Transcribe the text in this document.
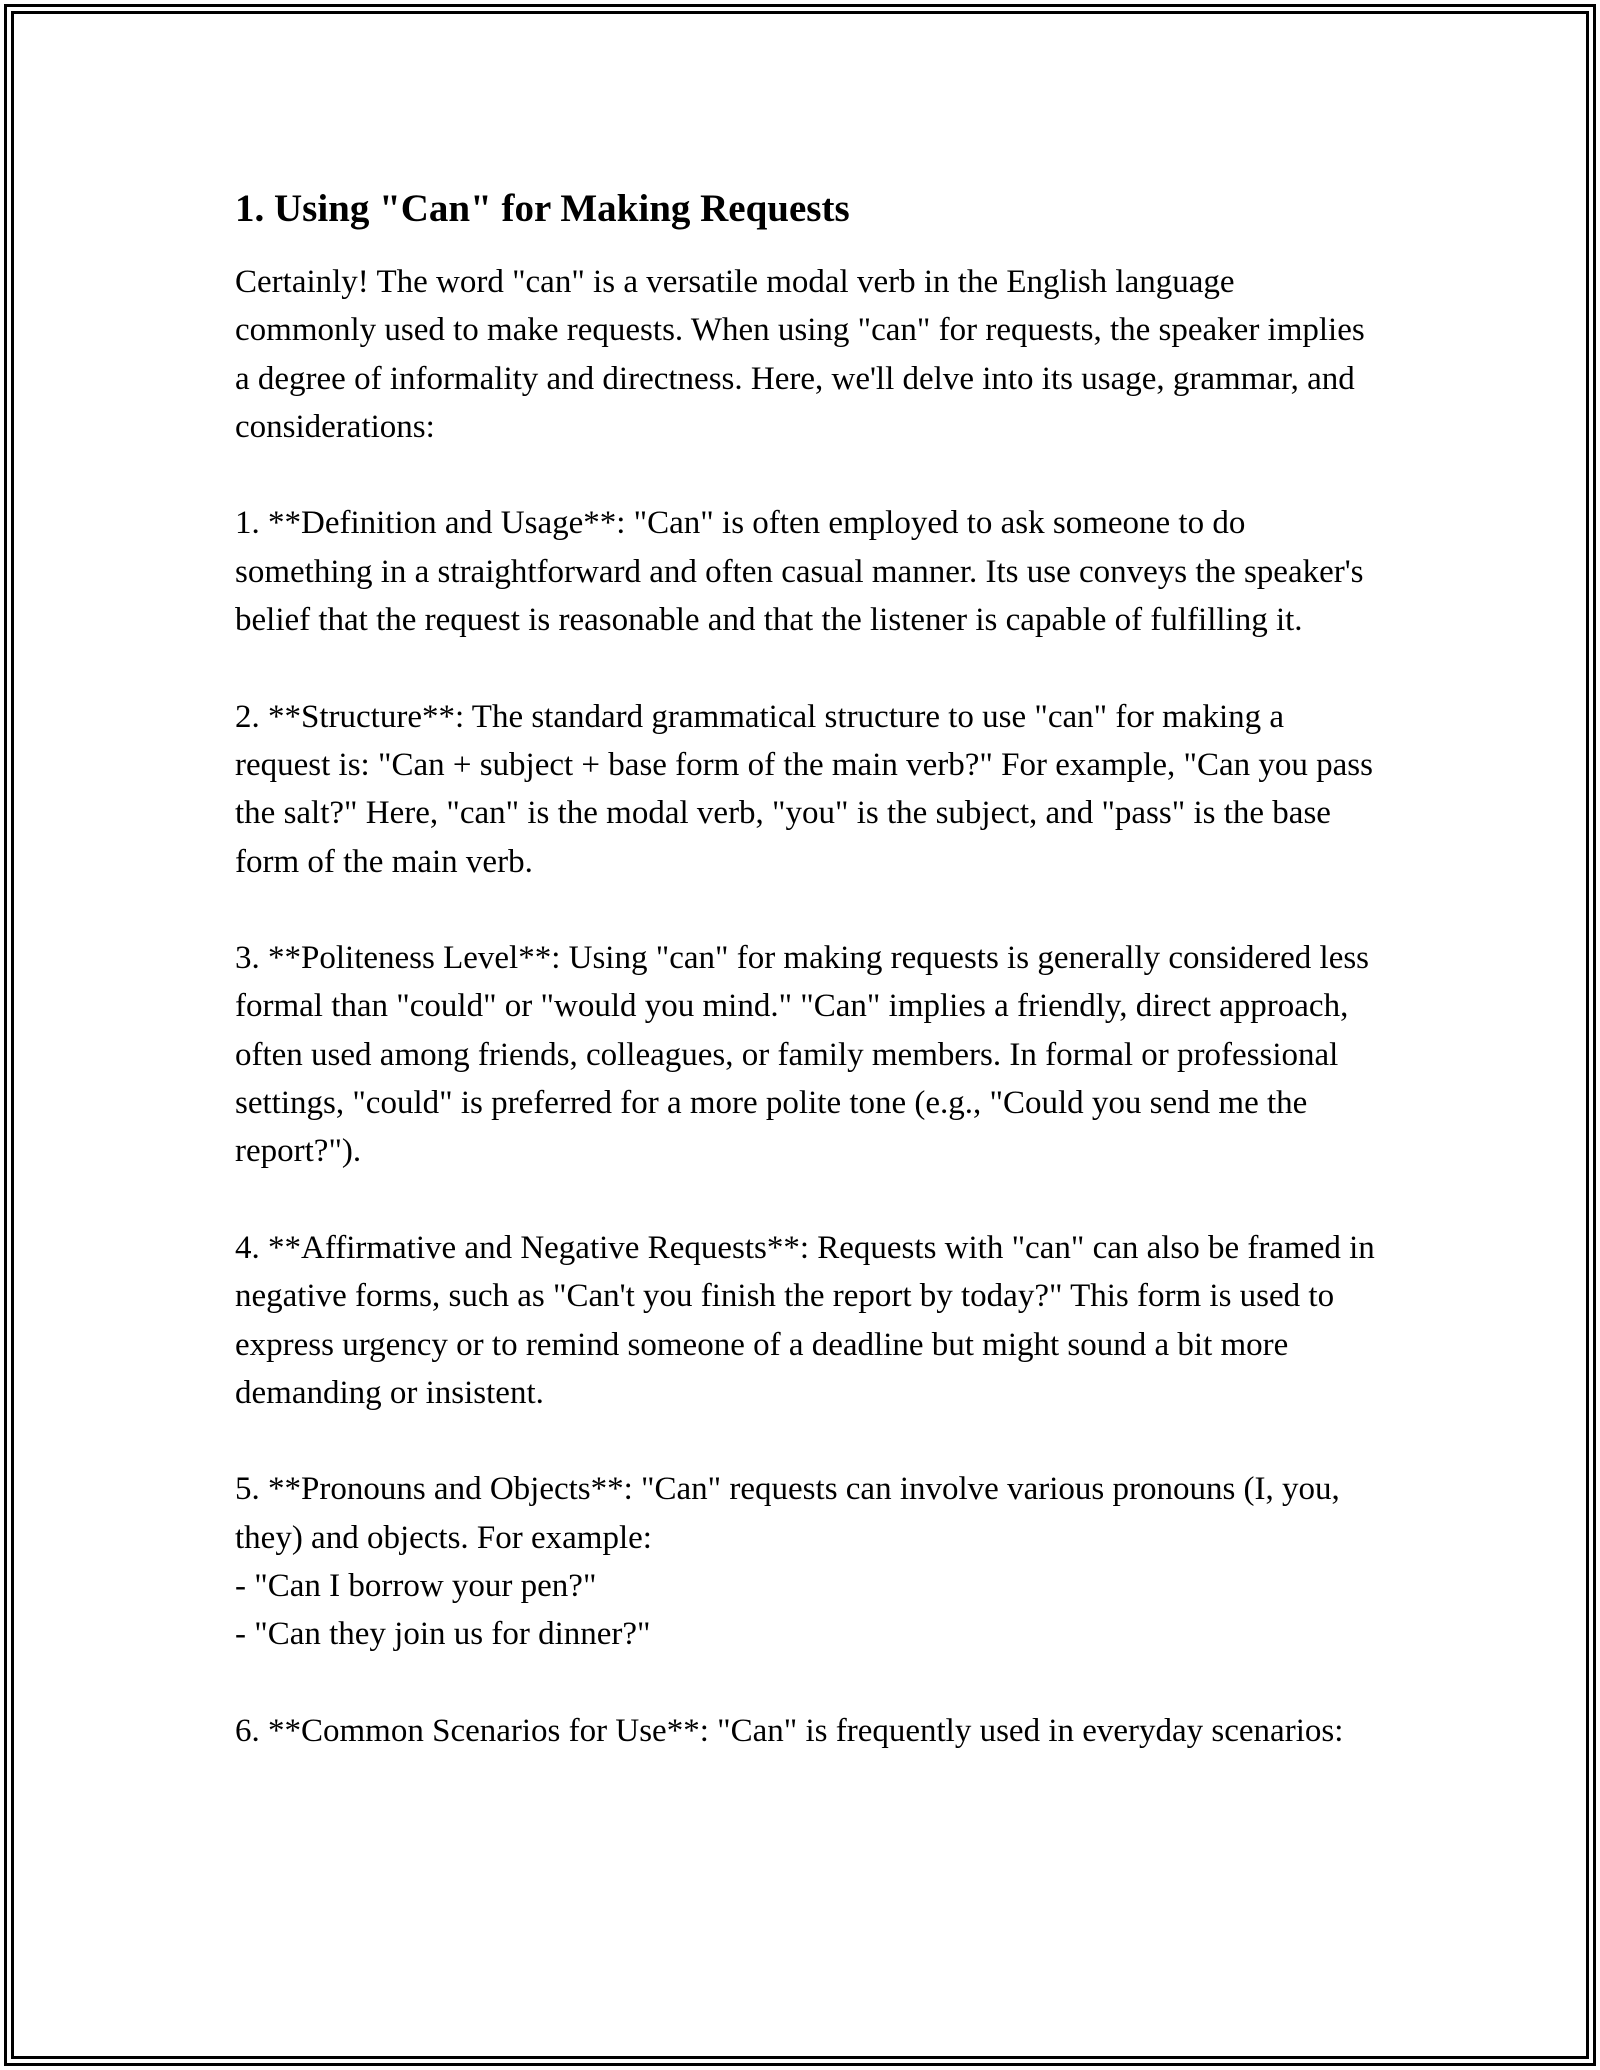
1. Using "Can" for Making Requests

Certainly! The word "can" is a versatile modal verb in the English language commonly used to make requests. When using "can" for requests, the speaker implies a degree of informality and directness. Here, we'll delve into its usage, grammar, and considerations:

1. **Definition and Usage**: "Can" is often employed to ask someone to do something in a straightforward and often casual manner. Its use conveys the speaker's belief that the request is reasonable and that the listener is capable of fulfilling it.

2. **Structure**: The standard grammatical structure to use "can" for making a request is: "Can + subject + base form of the main verb?" For example, "Can you pass the salt?" Here, "can" is the modal verb, "you" is the subject, and "pass" is the base form of the main verb.

3. **Politeness Level**: Using "can" for making requests is generally considered less formal than "could" or "would you mind." "Can" implies a friendly, direct approach, often used among friends, colleagues, or family members. In formal or professional settings, "could" is preferred for a more polite tone (e.g., "Could you send me the report?").

4. **Affirmative and Negative Requests**: Requests with "can" can also be framed in negative forms, such as "Can't you finish the report by today?" This form is used to express urgency or to remind someone of a deadline but might sound a bit more demanding or insistent.

5. **Pronouns and Objects**: "Can" requests can involve various pronouns (I, you, they) and objects. For example:
- "Can I borrow your pen?"
- "Can they join us for dinner?"

6. **Common Scenarios for Use**: "Can" is frequently used in everyday scenarios:
